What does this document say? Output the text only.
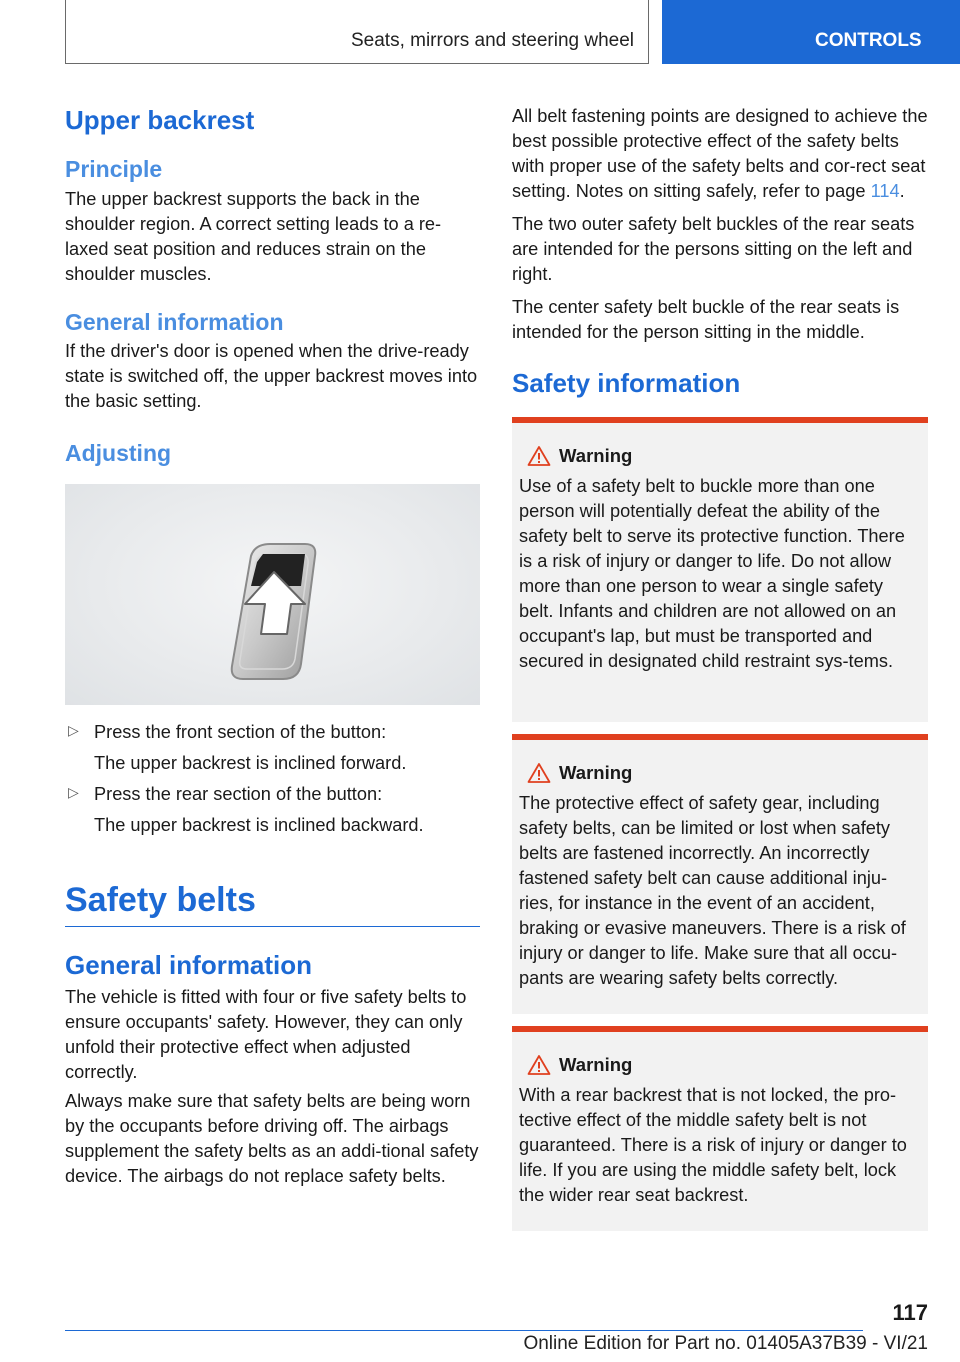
Seats, mirrors and steering wheel	CONTROLS
Upper backrest
Principle

The upper backrest supports the back in the shoulder region. A correct setting leads to a re‐laxed seat position and reduces strain on the shoulder muscles.

General information

If the driver's door is opened when the drive-ready state is switched off, the upper backrest moves into the basic setting.

Adjusting
▷ Press the front section of the button:

The upper backrest is inclined forward.

▷ Press the rear section of the button:

The upper backrest is inclined backward.

Safety belts
General information

The vehicle is fitted with four or five safety belts to ensure occupants' safety. However, they can only unfold their protective effect when adjusted correctly.

Always make sure that safety belts are being worn by the occupants before driving off. The airbags supplement the safety belts as an addi‐tional safety device. The airbags do not replace safety belts.

All belt fastening points are designed to achieve the best possible protective effect of the safety belts with proper use of the safety belts and cor‐rect seat setting. Notes on sitting safely, refer to page 114.

The two outer safety belt buckles of the rear seats are intended for the persons sitting on the left and right.

The center safety belt buckle of the rear seats is intended for the person sitting in the middle.

Safety information
Warning

Use of a safety belt to buckle more than one person will potentially defeat the ability of the safety belt to serve its protective function. There is a risk of injury or danger to life. Do not allow more than one person to wear a single safety belt. Infants and children are not allowed on an occupant's lap, but must be transported and secured in designated child restraint sys‐tems.

Warning

The protective effect of safety gear, including safety belts, can be limited or lost when safety belts are fastened incorrectly. An incorrectly fastened safety belt can cause additional inju‐ries, for instance in the event of an accident, braking or evasive maneuvers. There is a risk of injury or danger to life. Make sure that all occu‐pants are wearing safety belts correctly.

Warning

With a rear backrest that is not locked, the pro‐tective effect of the middle safety belt is not guaranteed. There is a risk of injury or danger to life. If you are using the middle safety belt, lock the wider rear seat backrest.

117
Online Edition for Part no. 01405A37B39 - VI/21
